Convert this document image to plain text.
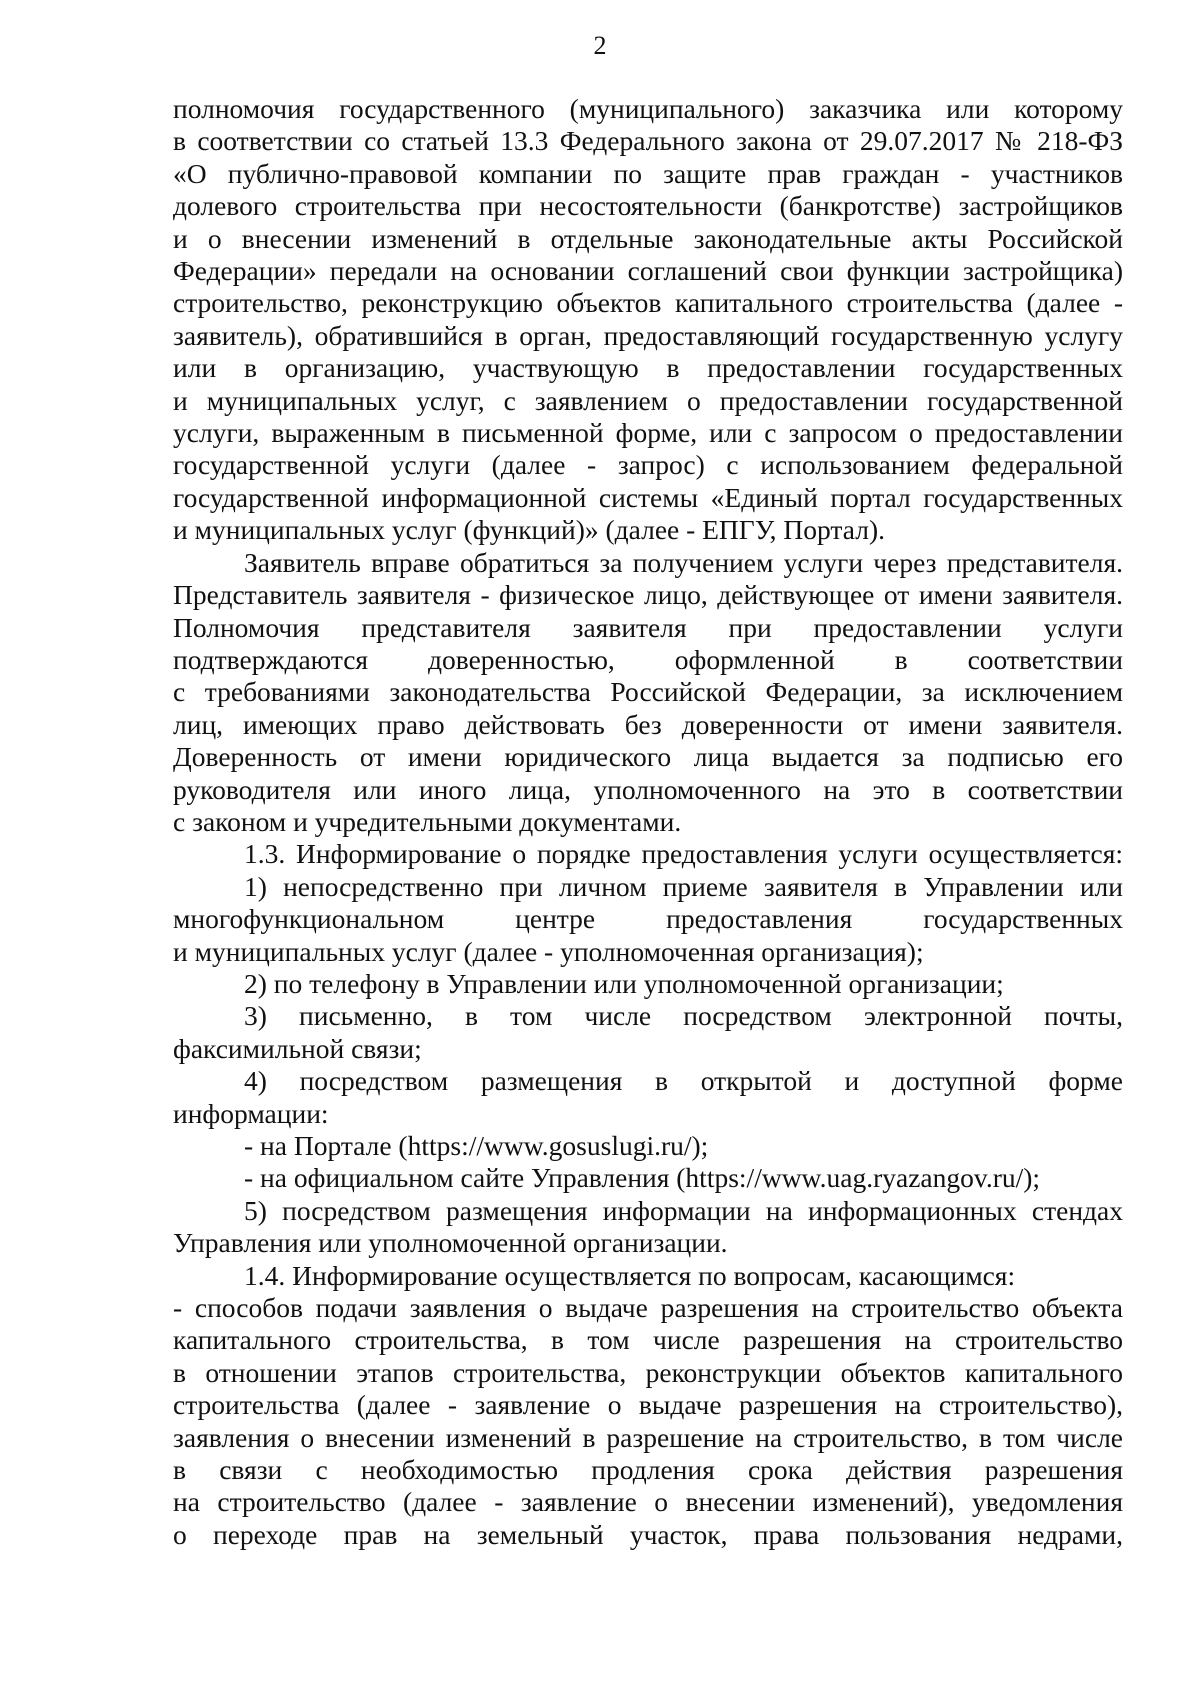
2
полномочия государственного (муниципального) заказчика или которому
в соответствии со статьей 13.3 Федерального закона от 29.07.2017 № 218-ФЗ
«О публично-правовой компании по защите прав граждан - участников
долевого строительства при несостоятельности (банкротстве) застройщиков
и о внесении изменений в отдельные законодательные акты Российской
Федерации» передали на основании соглашений свои функции застройщика)
строительство, реконструкцию объектов капитального строительства (далее -
заявитель), обратившийся в орган, предоставляющий государственную услугу
или в организацию, участвующую в предоставлении государственных
и муниципальных услуг, с заявлением о предоставлении государственной
услуги, выраженным в письменной форме, или с запросом о предоставлении
государственной услуги (далее - запрос) с использованием федеральной
государственной информационной системы «Единый портал государственных
и муниципальных услуг (функций)» (далее - ЕПГУ, Портал).
Заявитель вправе обратиться за получением услуги через представителя.
Представитель заявителя - физическое лицо, действующее от имени заявителя.
Полномочия представителя заявителя при предоставлении услуги
подтверждаются доверенностью, оформленной в соответствии
с требованиями законодательства Российской Федерации, за исключением
лиц, имеющих право действовать без доверенности от имени заявителя.
Доверенность от имени юридического лица выдается за подписью его
руководителя или иного лица, уполномоченного на это в соответствии
с законом и учредительными документами.
1.3. Информирование о порядке предоставления услуги осуществляется:
1) непосредственно при личном приеме заявителя в Управлении или
многофункциональном центре предоставления государственных
и муниципальных услуг (далее - уполномоченная организация);
2) по телефону в Управлении или уполномоченной организации;
3) письменно, в том числе посредством электронной почты,
факсимильной связи;
4) посредством размещения в открытой и доступной форме
информации:
- на Портале (https://www.gosuslugi.ru/);
- на официальном сайте Управления (https://www.uag.ryazangov.ru/);
5) посредством размещения информации на информационных стендах
Управления или уполномоченной организации.
1.4. Информирование осуществляется по вопросам, касающимся:
- способов подачи заявления о выдаче разрешения на строительство объекта
капитального строительства, в том числе разрешения на строительство
в отношении этапов строительства, реконструкции объектов капитального
строительства (далее - заявление о выдаче разрешения на строительство),
заявления о внесении изменений в разрешение на строительство, в том числе
в связи с необходимостью продления срока действия разрешения
на строительство (далее - заявление о внесении изменений), уведомления
о переходе прав на земельный участок, права пользования недрами,
